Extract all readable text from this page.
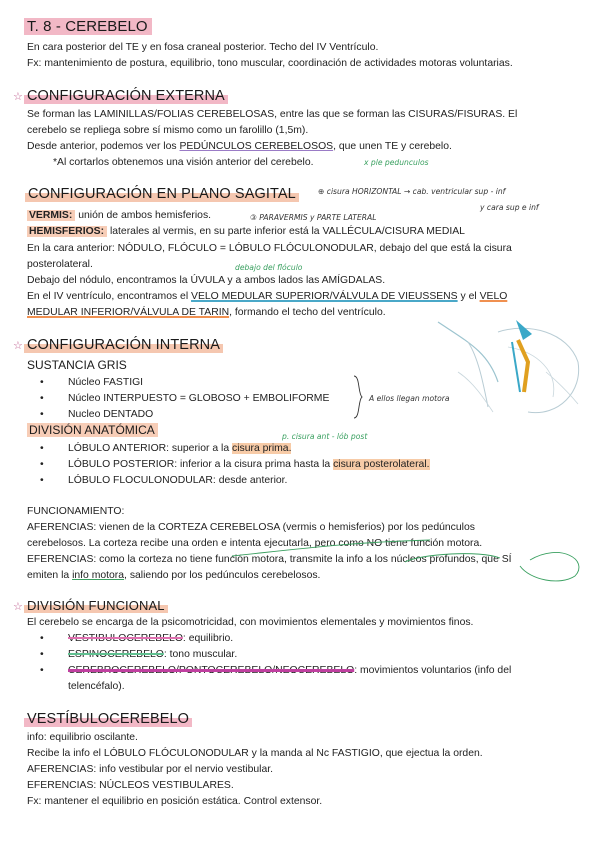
T. 8 - CEREBELO
En cara posterior del TE y en fosa craneal posterior. Techo del IV Ventrículo.
Fx: mantenimiento de postura, equilibrio, tono muscular, coordinación de actividades motoras voluntarias.
☆ CONFIGURACIÓN EXTERNA
Se forman las LAMINILLAS/FOLIAS CEREBELOSAS, entre las que se forman las CISURAS/FISURAS. El
cerebelo se repliega sobre sí mismo como un farolillo (1,5m).
Desde anterior, podemos ver los PEDÚNCULOS CEREBELOSOS, que unen TE y cerebelo.
*Al cortarlos obtenemos una visión anterior del cerebelo.	x ple pedunculos
CONFIGURACIÓN EN PLANO SAGITAL	⊕ cisura HORIZONTAL → cab. ventricular sup - inf
y cara sup e inf
VERMIS: unión de ambos hemisferios.	③ PARAVERMIS y PARTE LATERAL
HEMISFERIOS: laterales al vermis, en su parte inferior está la VALLÉCULA/CISURA MEDIAL
En la cara anterior: NÓDULO, FLÓCULO = LÓBULO FLÓCULONODULAR, debajo del que está la cisura
posterolateral.	debajo del flóculo
Debajo del nódulo, encontramos la ÚVULA y a ambos lados las AMÍGDALAS.
En el IV ventrículo, encontramos el VELO MEDULAR SUPERIOR/VÁLVULA DE VIEUSSENS y el VELO
MEDULAR INFERIOR/VÁLVULA DE TARIN, formando el techo del ventrículo.
☆ CONFIGURACIÓN INTERNA
SUSTANCIA GRIS
• Núcleo FASTIGI
• Núcleo INTERPUESTO = GLOBOSO + EMBOLIFORME
• Nucleo DENTADO
A ellos llegan motora
DIVISIÓN ANATÓMICA	p. cisura ant - lób post
• LÓBULO ANTERIOR: superior a la cisura prima.
• LÓBULO POSTERIOR: inferior a la cisura prima hasta la cisura posterolateral.
• LÓBULO FLOCULONODULAR: desde anterior.
FUNCIONAMIENTO:
AFERENCIAS: vienen de la CORTEZA CEREBELOSA (vermis o hemisferios) por los pedúnculos
cerebelosos. La corteza recibe una orden e intenta ejecutarla, pero como NO tiene función motora.
EFERENCIAS: como la corteza no tiene función motora, transmite la info a los núcleos profundos, que SÍ
emiten la info motora, saliendo por los pedúnculos cerebelosos.
☆ DIVISIÓN FUNCIONAL
El cerebelo se encarga de la psicomotricidad, con movimientos elementales y movimientos finos.
• VESTIBULOCEREBELO: equilibrio.
• ESPINOCEREBELO: tono muscular.
• CEREBROCEREBELO/PONTOCEREBELO/NEOCEREBELO: movimientos voluntarios (info del
telencéfalo).
VESTÍBULOCEREBELO
info: equilibrio oscilante.
Recibe la info el LÓBULO FLÓCULONODULAR y la manda al Nc FASTIGIO, que ejectua la orden.
AFERENCIAS: info vestibular por el nervio vestibular.
EFERENCIAS: NÚCLEOS VESTIBULARES.
Fx: mantener el equilibrio en posición estática. Control extensor.
